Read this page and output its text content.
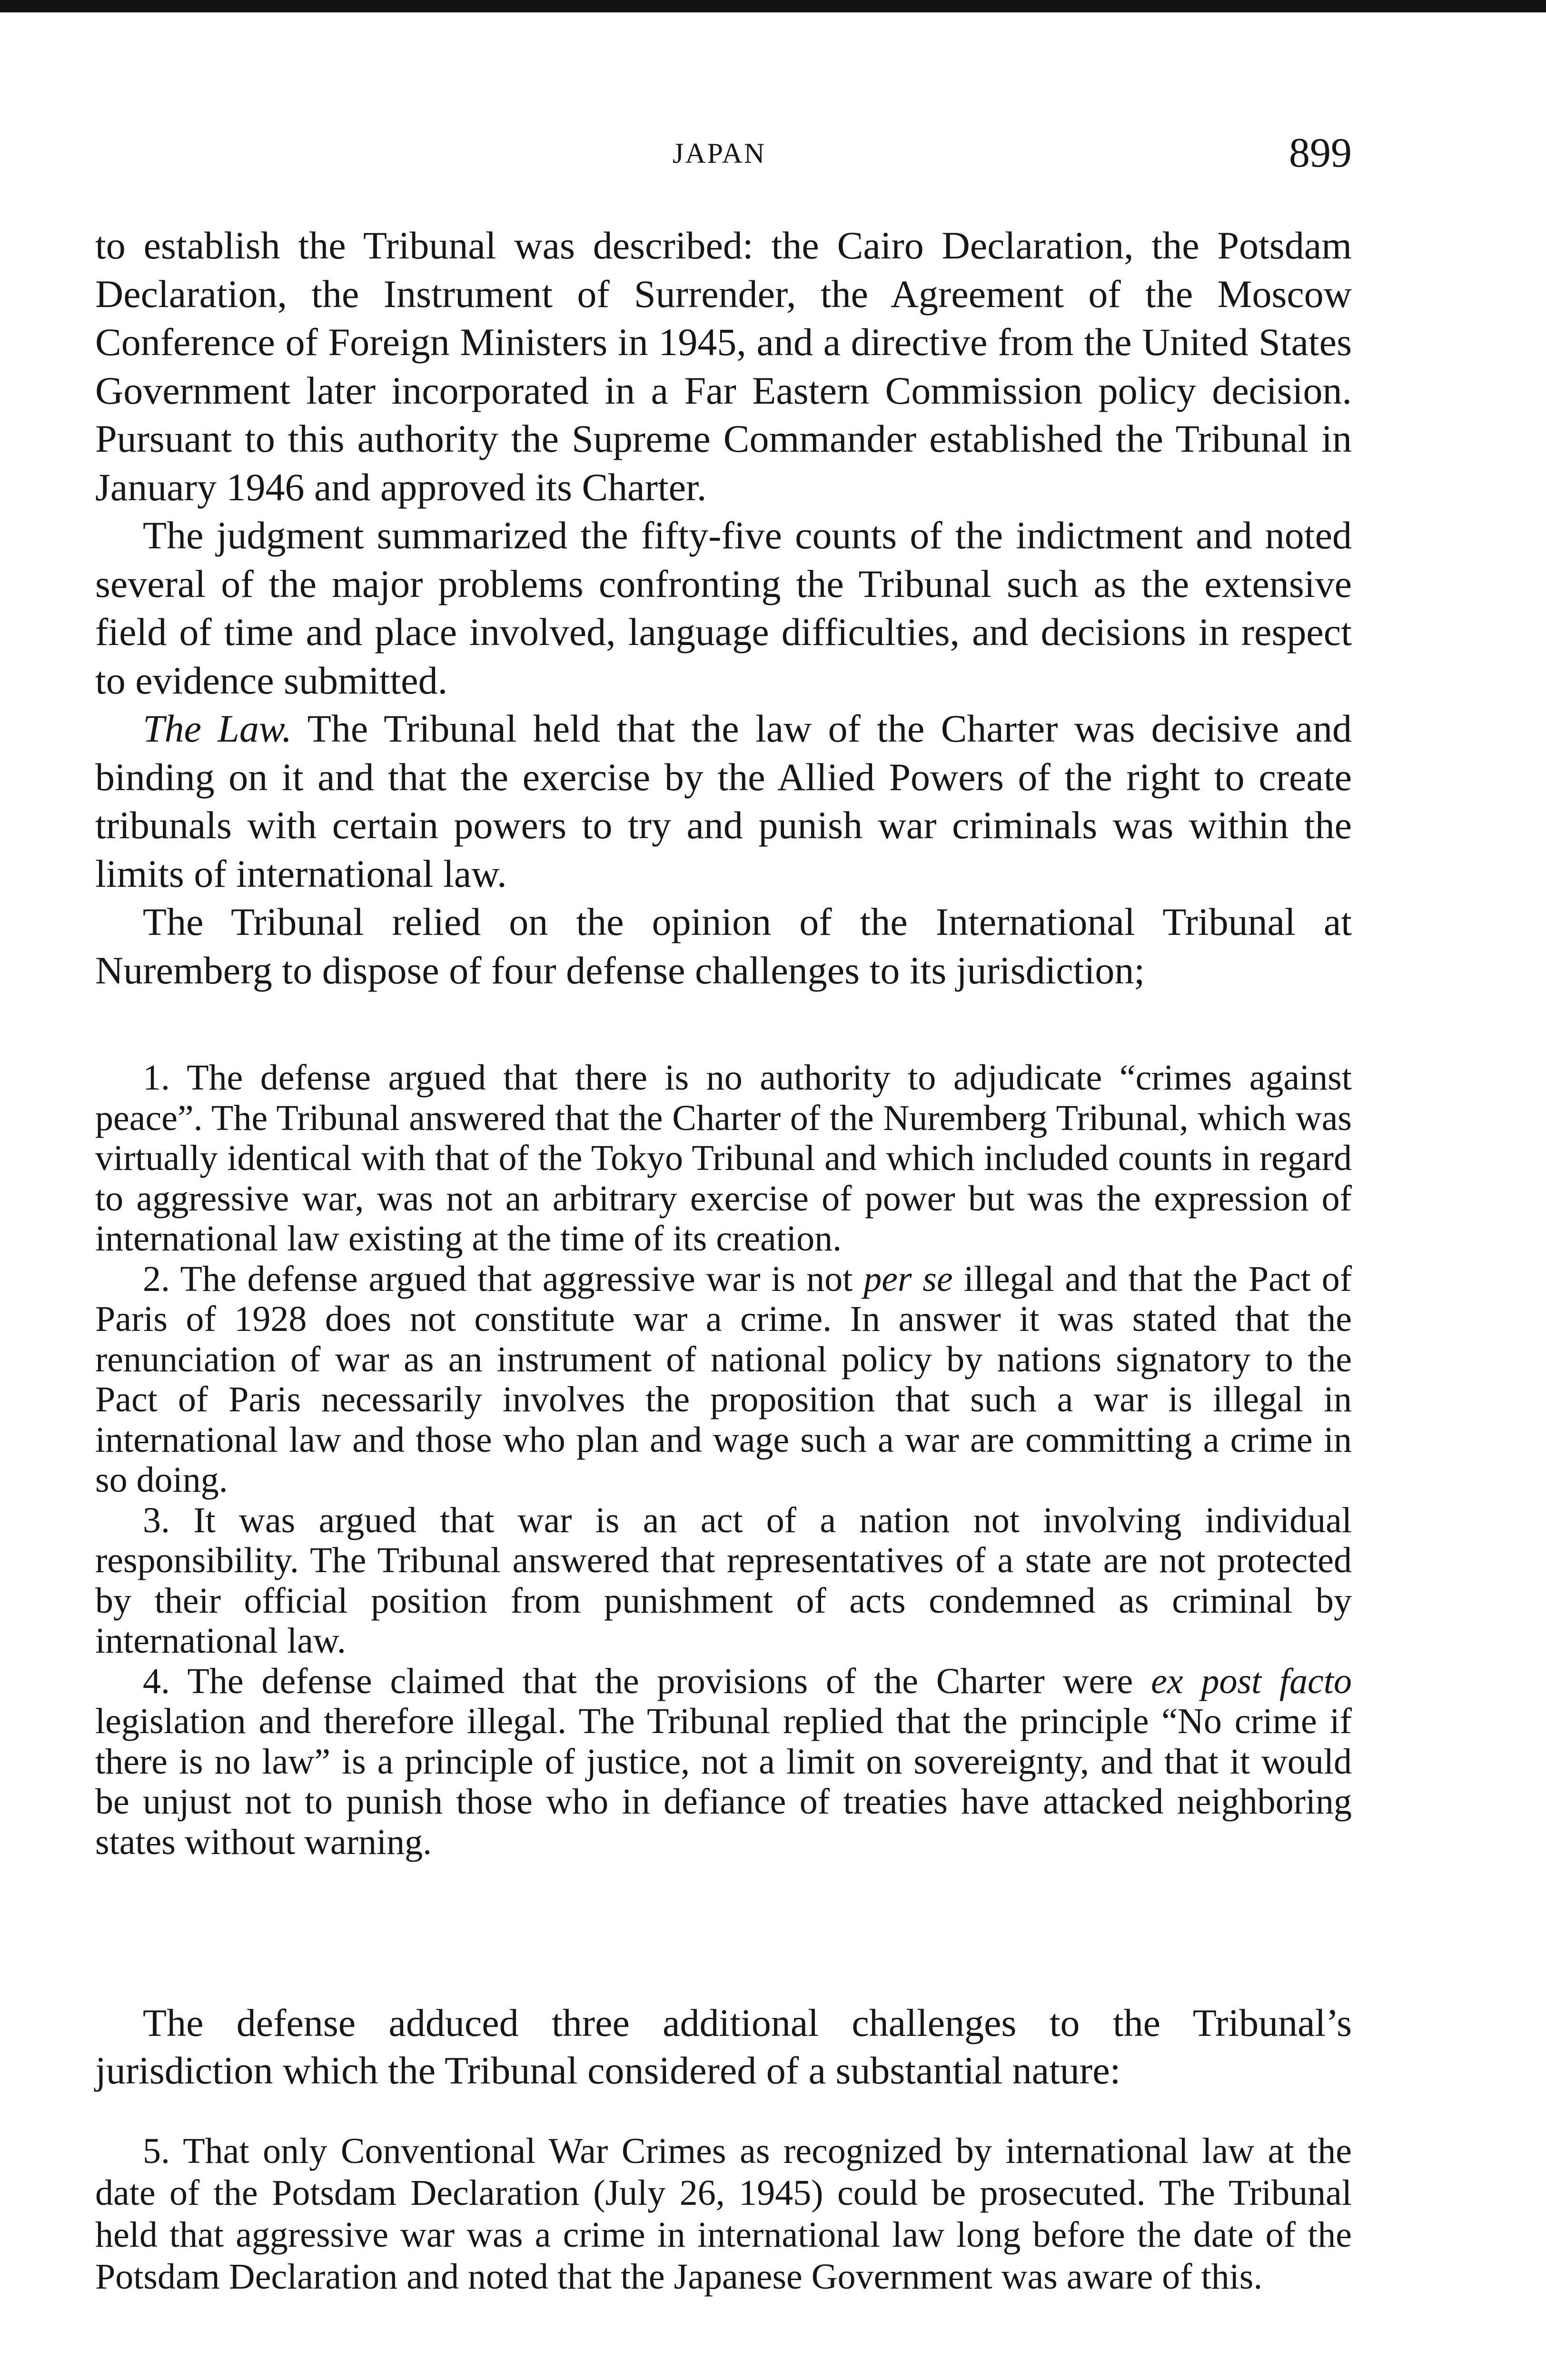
JAPAN	899

to establish the Tribunal was described: the Cairo Declaration, the Potsdam Declaration, the Instrument of Surrender, the Agreement of the Moscow Conference of Foreign Ministers in 1945, and a directive from the United States Government later incorporated in a Far Eastern Commission policy decision. Pursuant to this authority the Supreme Commander established the Tribunal in January 1946 and approved its Charter.

The judgment summarized the fifty-five counts of the indictment and noted several of the major problems confronting the Tribunal such as the extensive field of time and place involved, language difficulties, and decisions in respect to evidence submitted.

The Law. The Tribunal held that the law of the Charter was decisive and binding on it and that the exercise by the Allied Powers of the right to create tribunals with certain powers to try and punish war criminals was within the limits of international law.

The Tribunal relied on the opinion of the International Tribunal at Nuremberg to dispose of four defense challenges to its jurisdiction;

1. The defense argued that there is no authority to adjudicate “crimes against peace”. The Tribunal answered that the Charter of the Nuremberg Tribunal, which was virtually identical with that of the Tokyo Tribunal and which included counts in regard to aggressive war, was not an arbitrary exercise of power but was the expression of international law existing at the time of its creation.

2. The defense argued that aggressive war is not per se illegal and that the Pact of Paris of 1928 does not constitute war a crime. In answer it was stated that the renunciation of war as an instrument of national policy by nations signatory to the Pact of Paris necessarily involves the proposition that such a war is illegal in international law and those who plan and wage such a war are committing a crime in so doing.

3. It was argued that war is an act of a nation not involving individual responsibility. The Tribunal answered that representatives of a state are not protected by their official position from punishment of acts condemned as criminal by international law.

4. The defense claimed that the provisions of the Charter were ex post facto legislation and therefore illegal. The Tribunal replied that the principle “No crime if there is no law” is a principle of justice, not a limit on sovereignty, and that it would be unjust not to punish those who in defiance of treaties have attacked neighboring states without warning.

The defense adduced three additional challenges to the Tribunal’s jurisdiction which the Tribunal considered of a substantial nature:

5. That only Conventional War Crimes as recognized by international law at the date of the Potsdam Declaration (July 26, 1945) could be prosecuted. The Tribunal held that aggressive war was a crime in international law long before the date of the Potsdam Declaration and noted that the Japanese Government was aware of this.
